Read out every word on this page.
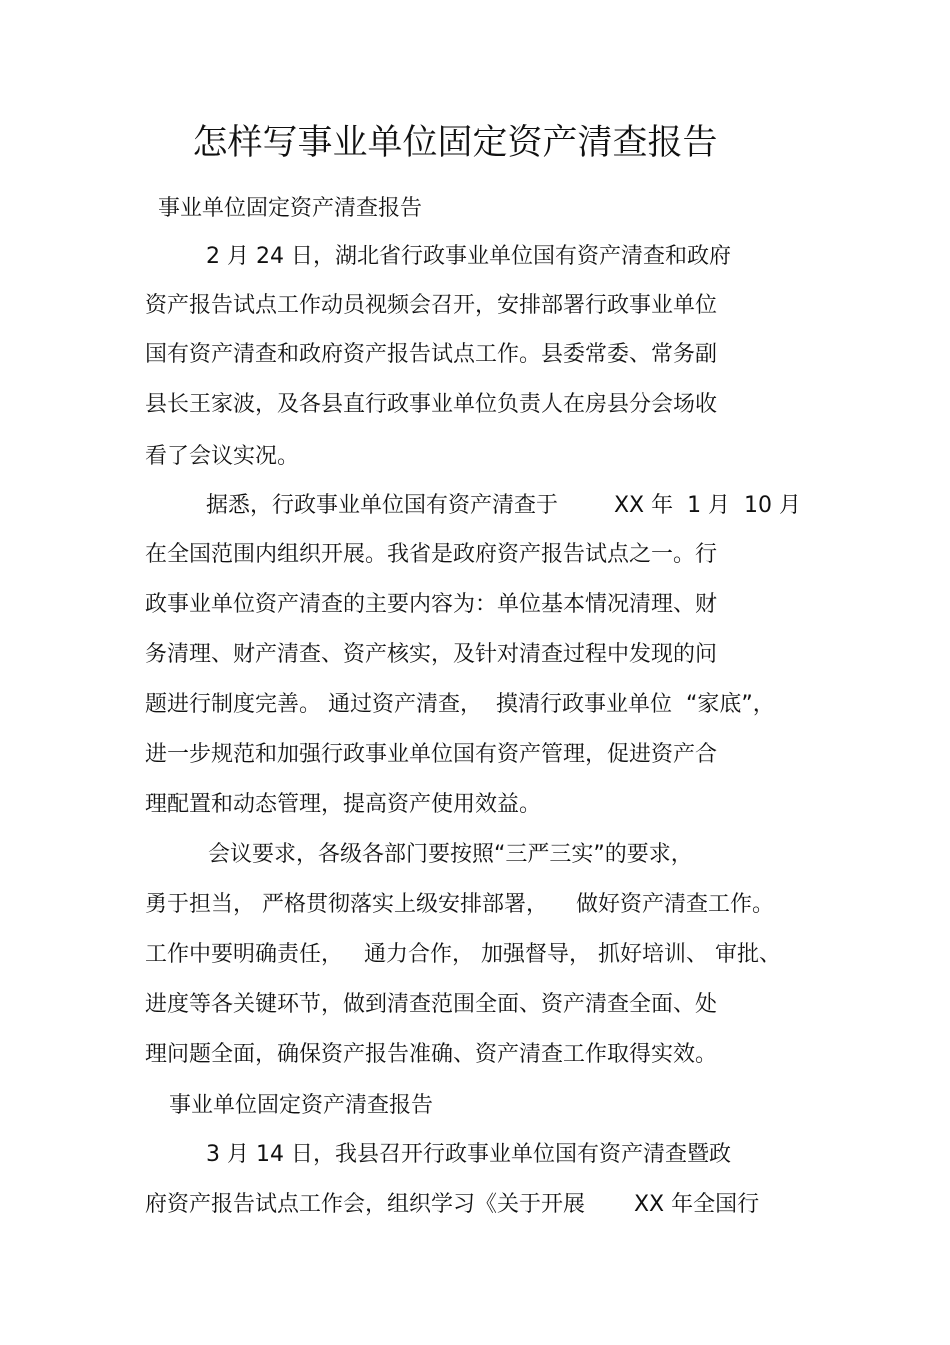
怎样写事业单位固定资产清查报告
事业单位固定资产清查报告
2 月 24 日，湖北省行政事业单位国有资产清查和政府
资产报告试点工作动员视频会召开，安排部署行政事业单位
国有资产清查和政府资产报告试点工作。县委常委、常务副
县长王家波，及各县直行政事业单位负责人在房县分会场收
看了会议实况。
据悉，行政事业单位国有资产清查于        XX 年  1 月  10 月
在全国范围内组织开展。我省是政府资产报告试点之一。行
政事业单位资产清查的主要内容为：单位基本情况清理、财
务清理、财产清查、资产核实，及针对清查过程中发现的问
题进行制度完善。 通过资产清查，  摸清行政事业单位  “家底”，
进一步规范和加强行政事业单位国有资产管理，促进资产合
理配置和动态管理，提高资产使用效益。
会议要求，各级各部门要按照“三严三实”的要求，
勇于担当， 严格贯彻落实上级安排部署，    做好资产清查工作。
工作中要明确责任，   通力合作， 加强督导， 抓好培训、 审批、
进度等各关键环节，做到清查范围全面、资产清查全面、处
理问题全面，确保资产报告准确、资产清查工作取得实效。
事业单位固定资产清查报告
3 月 14 日，我县召开行政事业单位国有资产清查暨政
府资产报告试点工作会，组织学习《关于开展       XX 年全国行
